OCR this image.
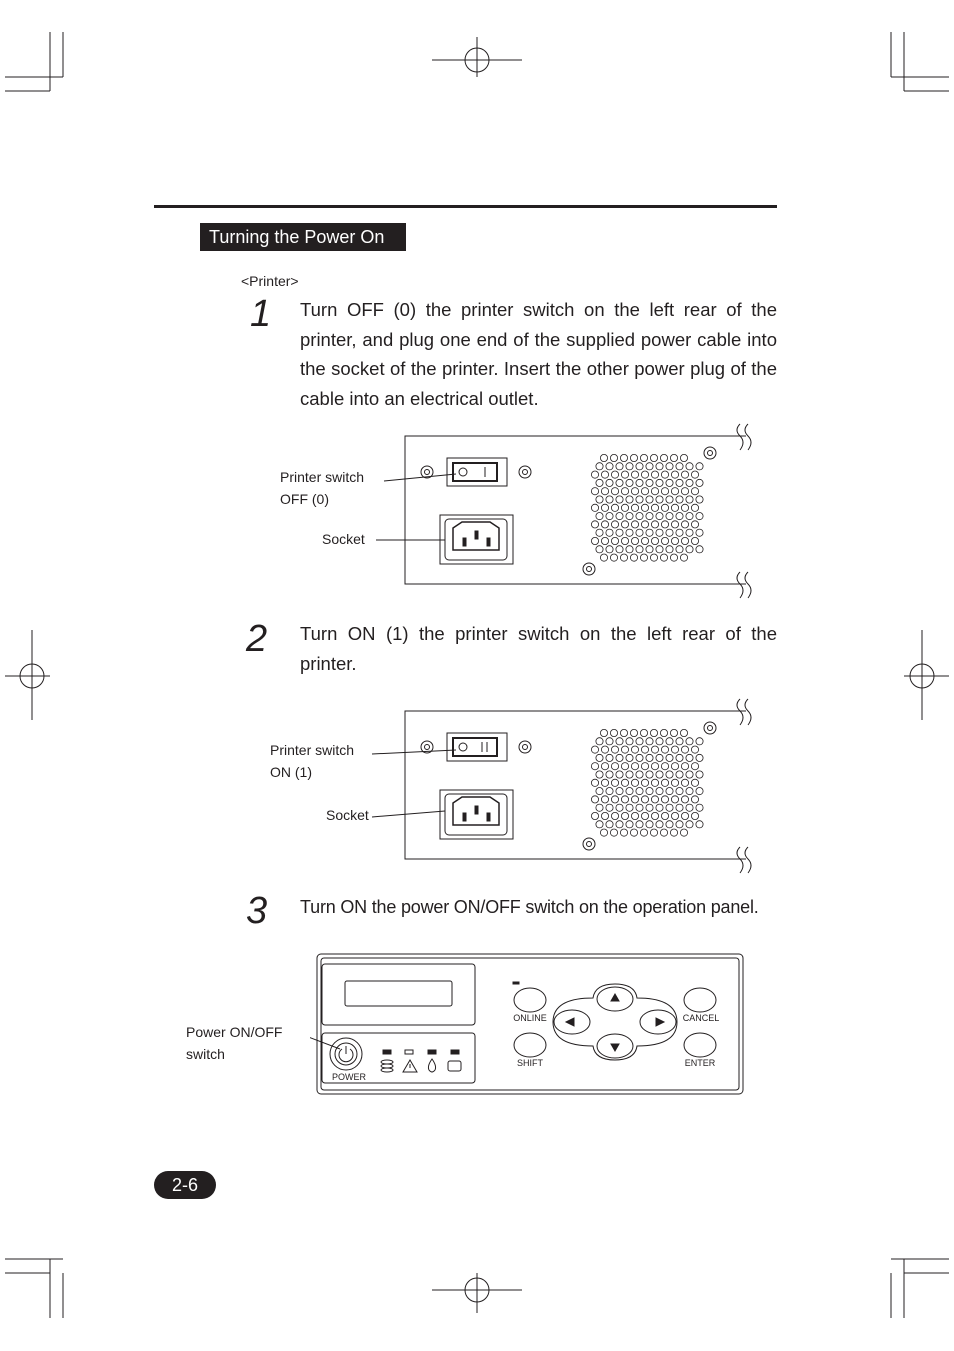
Turning the Power On
<Printer>
1 Turn OFF (0) the printer switch on the left rear of the printer, and plug one end of the supplied power cable into the socket of the printer. Insert the other power plug of the cable into an electrical outlet.
Printer switch
OFF (0)
Socket
2 Turn ON (1) the printer switch on the left rear of the printer.
Printer switch
ON (1)
Socket
3 Turn ON the power ON/OFF switch on the operation panel.
POWER
ONLINE
SHIFT
CANCEL
ENTER
Power ON/OFF
switch
2-6
